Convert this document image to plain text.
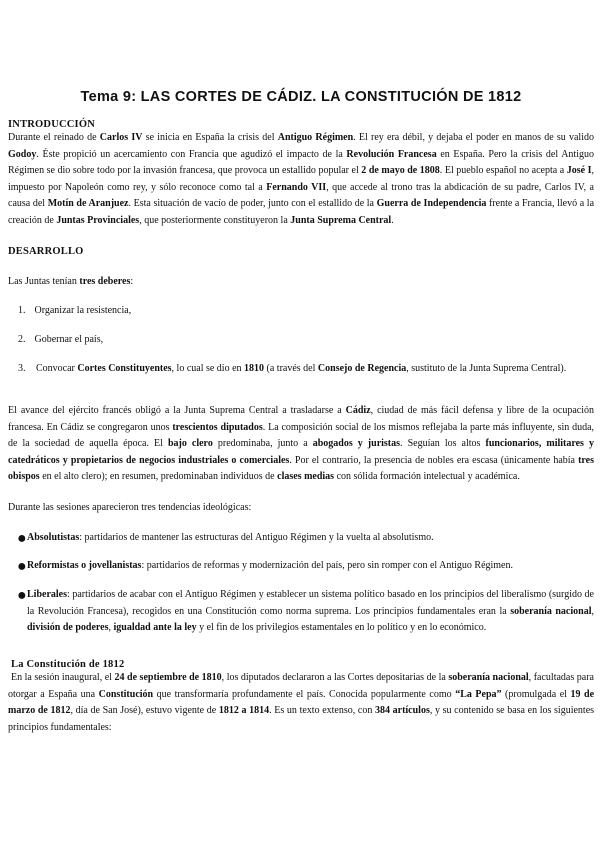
Tema 9: LAS CORTES DE CÁDIZ. LA CONSTITUCIÓN DE 1812
INTRODUCCIÓN

Durante el reinado de Carlos IV se inicia en España la crisis del Antiguo Régimen. El rey era débil, y dejaba el poder en manos de su valido Godoy. Éste propició un acercamiento con Francia que agudizó el impacto de la Revolución Francesa en España. Pero la crisis del Antiguo Régimen se dio sobre todo por la invasión francesa, que provoca un estallido popular el 2 de mayo de 1808. El pueblo español no acepta a José I, impuesto por Napoleón como rey, y sólo reconoce como tal a Fernando VII, que accede al trono tras la abdicación de su padre, Carlos IV, a causa del Motín de Aranjuez. Esta situación de vacío de poder, junto con el estallido de la Guerra de Independencia frente a Francia, llevó a la creación de Juntas Provinciales, que posteriormente constituyeron la Junta Suprema Central.

DESARROLLO

Las Juntas tenían tres deberes:

1. Organizar la resistencia,
2. Gobernar el país,
3.	Convocar Cortes Constituyentes, lo cual se dio en 1810 (a través del Consejo de Regencia, sustituto de la Junta Suprema Central).

El avance del ejército francés obligó a la Junta Suprema Central a trasladarse a Cádiz, ciudad de más fácil defensa y libre de la ocupación francesa. En Cádiz se congregaron unos trescientos diputados. La composición social de los mismos reflejaba la parte más influyente, sin duda, de la sociedad de aquella época. El bajo clero predominaba, junto a abogados y juristas. Seguían los altos funcionarios, militares y catedráticos y propietarios de negocios industriales o comerciales. Por el contrario, la presencia de nobles era escasa (únicamente había tres obispos en el alto clero); en resumen, predominaban individuos de clases medias con sólida formación intelectual y académica.

Durante las sesiones aparecieron tres tendencias ideológicas:

● Absolutistas: partidarios de mantener las estructuras del Antiguo Régimen y la vuelta al absolutismo.
● Reformistas o jovellanistas: partidarios de reformas y modernización del país, pero sin romper con el Antiguo Régimen.
● Liberales: partidarios de acabar con el Antiguo Régimen y establecer un sistema político basado en los principios del liberalismo (surgido de la Revolución Francesa), recogidos en una Constitución como norma suprema. Los principios fundamentales eran la soberanía nacional, división de poderes, igualdad ante la ley y el fin de los privilegios estamentales en lo político y en lo económico.
La Constitución de 1812

En la sesión inaugural, el 24 de septiembre de 1810, los diputados declararon a las Cortes depositarias de la soberanía nacional, facultadas para otorgar a España una Constitución que transformaría profundamente el país. Conocida popularmente como “La Pepa” (promulgada el 19 de marzo de 1812, día de San José), estuvo vigente de 1812 a 1814. Es un texto extenso, con 384 artículos, y su contenido se basa en los siguientes principios fundamentales:
